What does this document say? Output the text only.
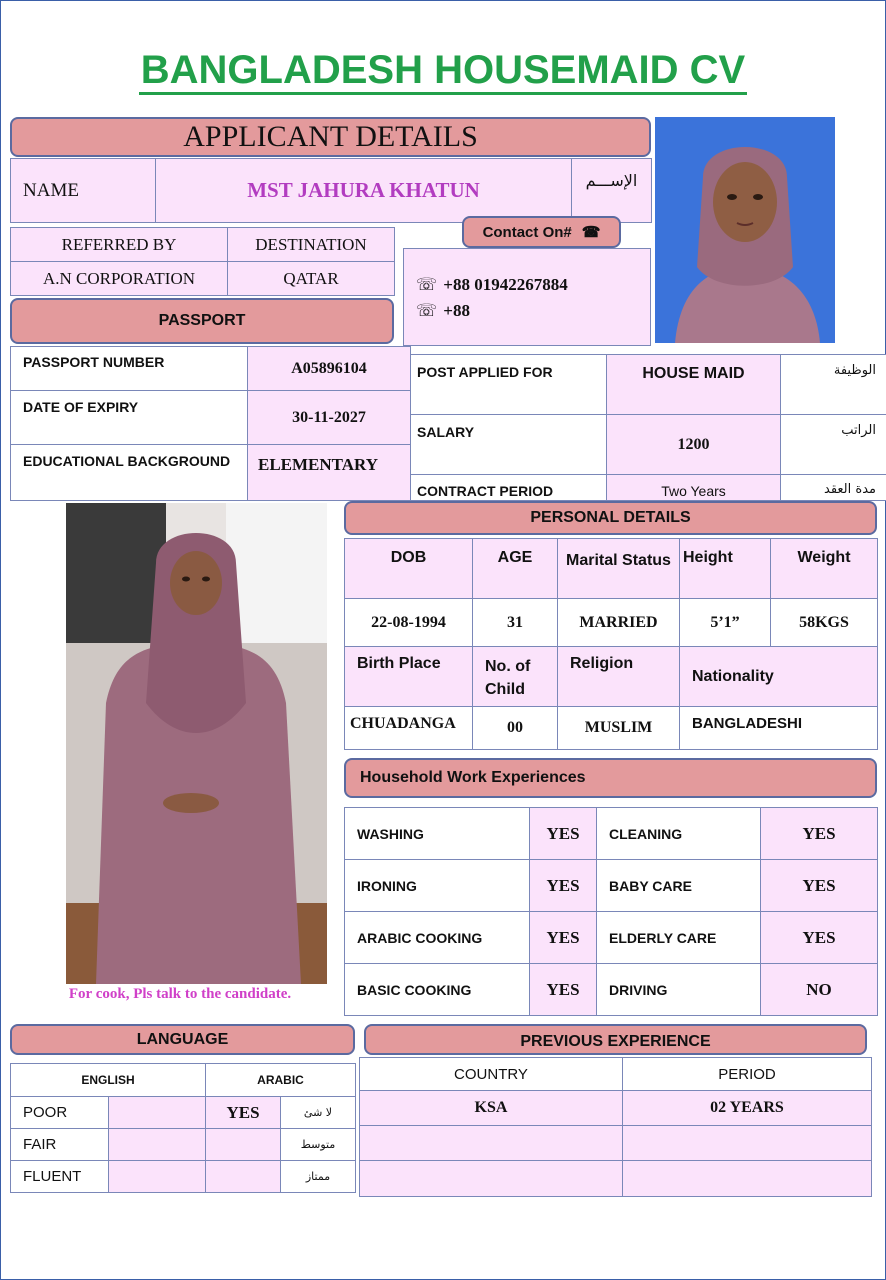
BANGLADESH HOUSEMAID CV
APPLICANT DETAILS
NAME	MST JAHURA KHATUN	الإســـم
REFERRED BY	DESTINATION
A.N CORPORATION	QATAR
Contact On# ☎
☏ +88 01942267884
☏ +88
PASSPORT
PASSPORT NUMBER	A05896104
DATE OF EXPIRY	30-11-2027
EDUCATIONAL BACKGROUND	ELEMENTARY
POST APPLIED FOR	HOUSE MAID	الوظيفة
SALARY	1200	الراتب
CONTRACT PERIOD	Two Years	مدة العقد
For cook, Pls talk to the candidate.
PERSONAL DETAILS
DOB	AGE	Marital Status	Height	Weight
22-08-1994	31	MARRIED	5’1”	58KGS
Birth Place	No. of Child	Religion	Nationality	
CHUADANGA	00	MUSLIM	BANGLADESHI	
Household Work Experiences
WASHING	YES	CLEANING	YES
IRONING	YES	BABY CARE	YES
ARABIC COOKING	YES	ELDERLY CARE	YES
BASIC COOKING	YES	DRIVING	NO
LANGUAGE
ENGLISH		ARABIC	
POOR		YES	لا شئ
FAIR			متوسط
FLUENT			ممتاز
PREVIOUS EXPERIENCE
COUNTRY	PERIOD
KSA	02 YEARS
